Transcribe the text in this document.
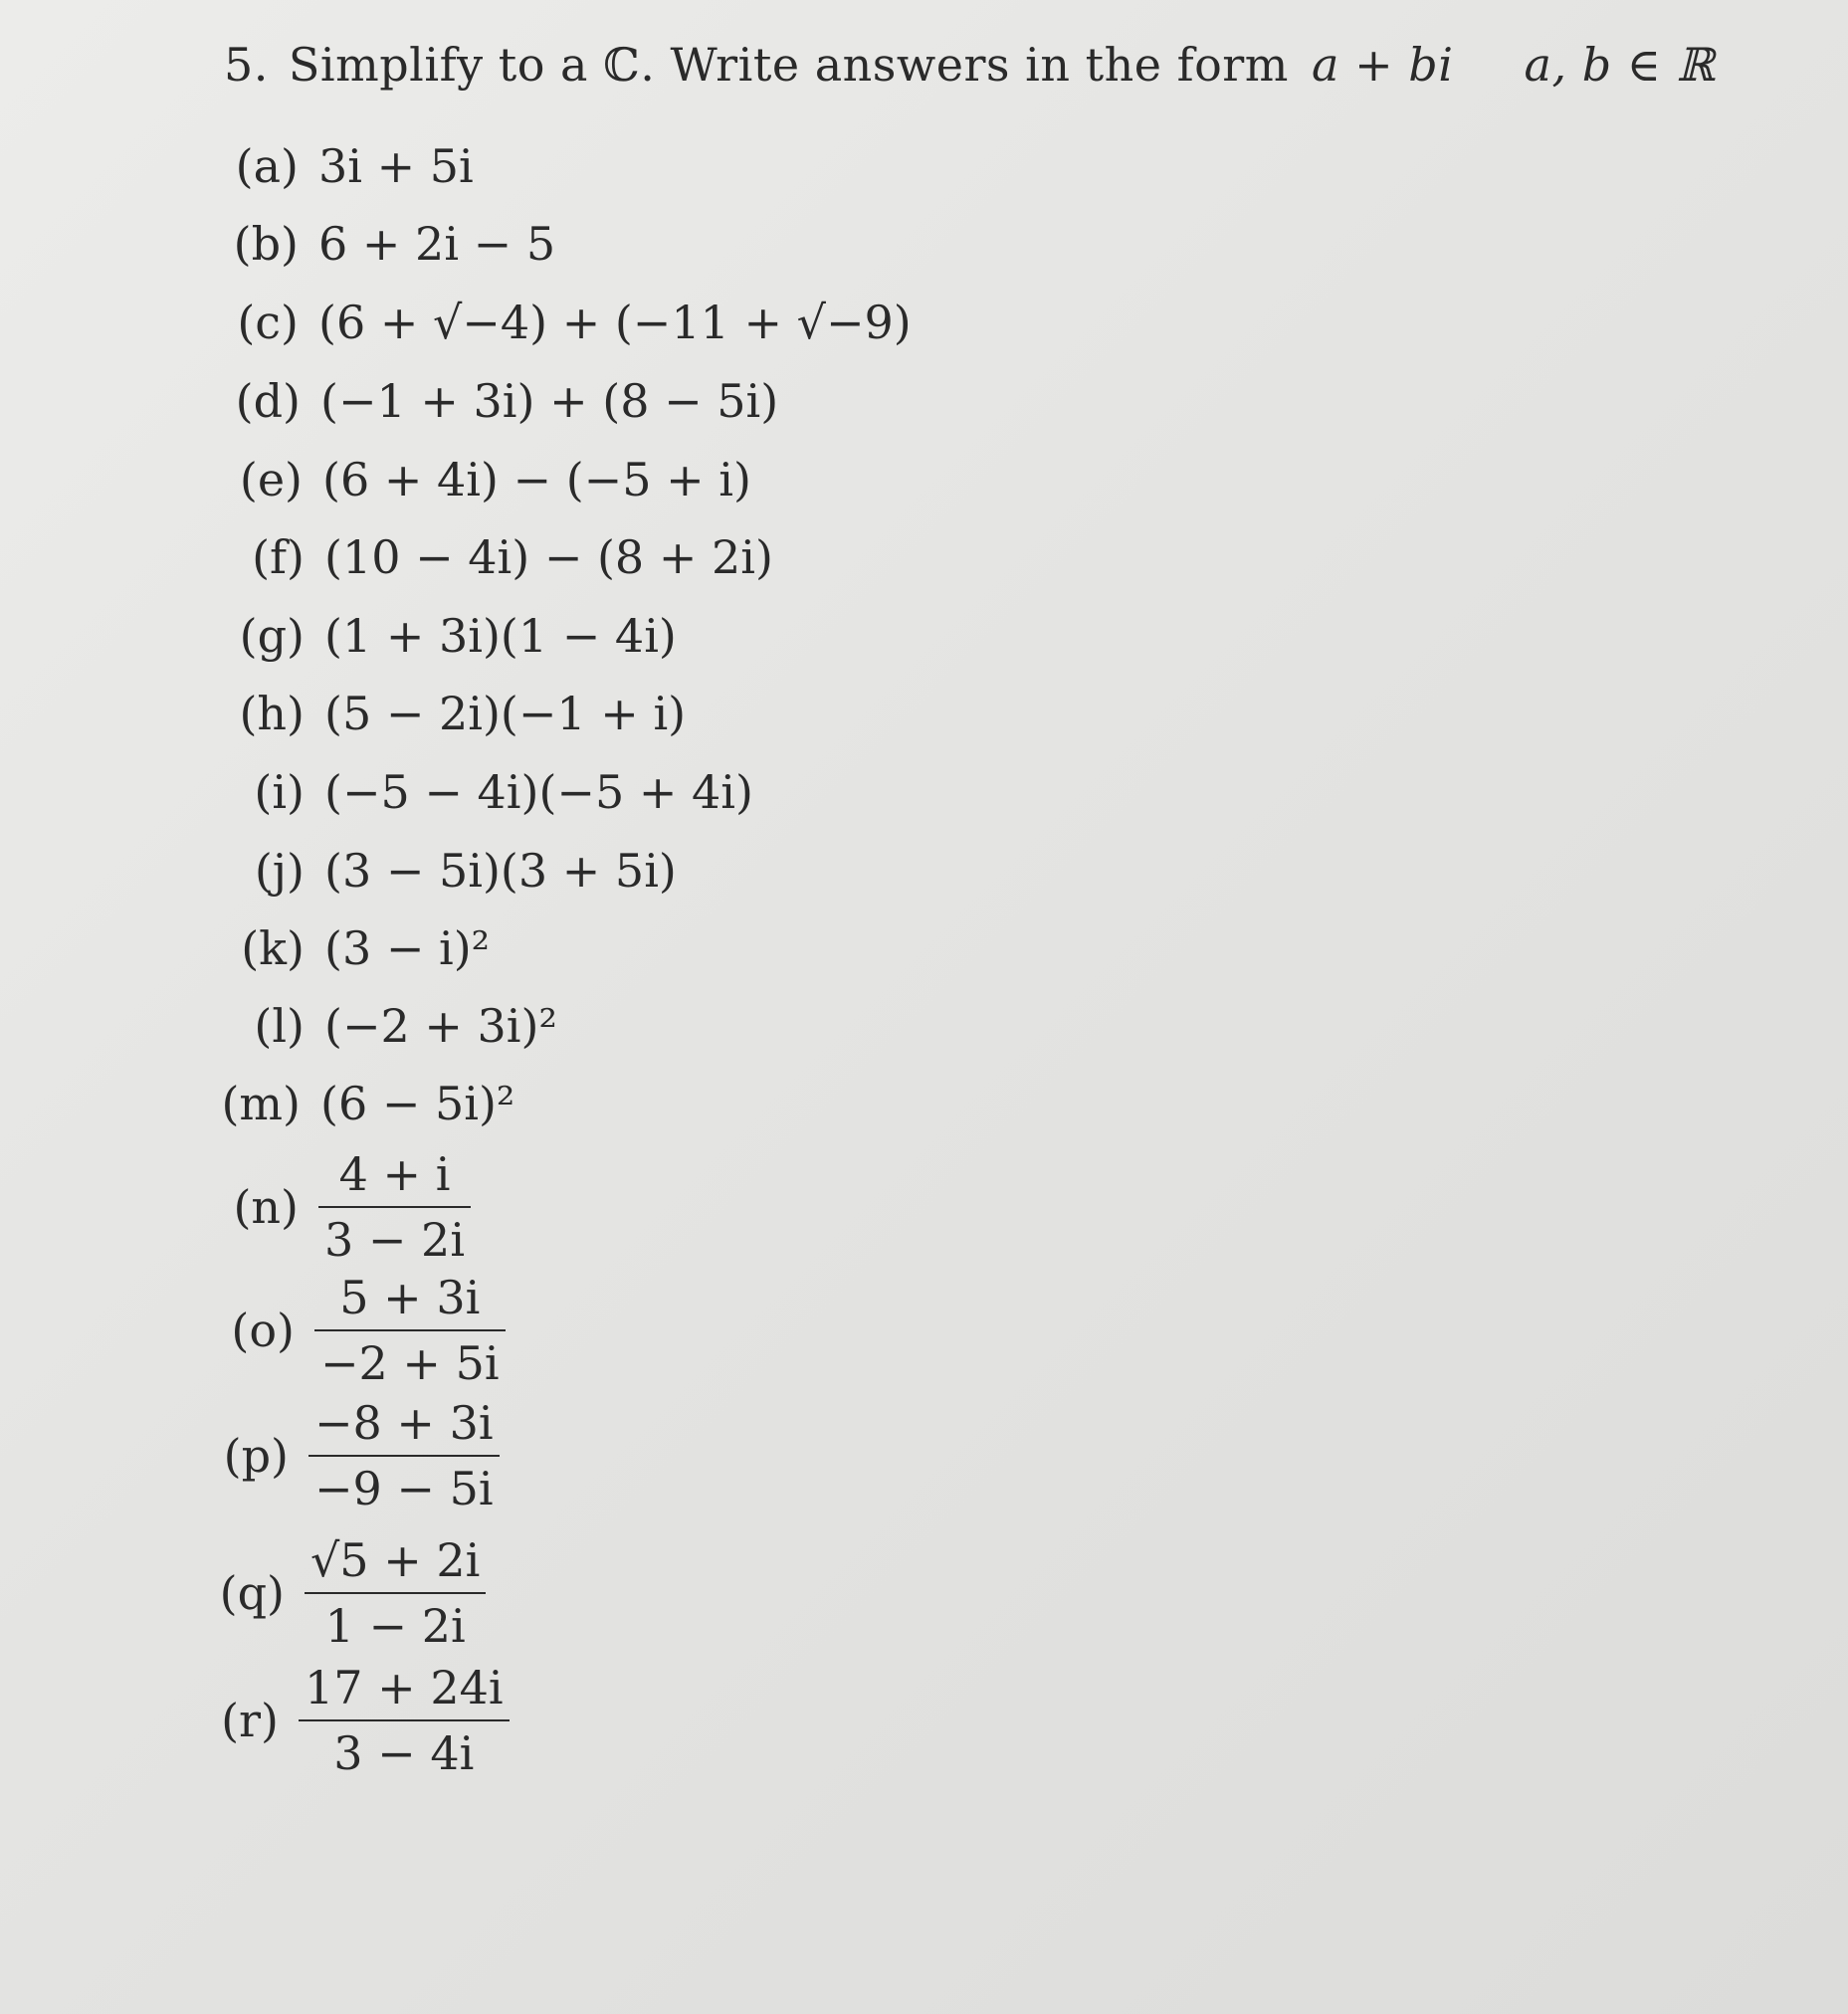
5. Simplify to a ℂ. Write answers in the form a + bi a, b ∈ ℝ
(a) 3i + 5i
(b) 6 + 2i − 5
(c) (6 + √−4) + (−11 + √−9)
(d) (−1 + 3i) + (8 − 5i)
(e) (6 + 4i) − (−5 + i)
(f) (10 − 4i) − (8 + 2i)
(g) (1 + 3i)(1 − 4i)
(h) (5 − 2i)(−1 + i)
(i) (−5 − 4i)(−5 + 4i)
(j) (3 − 5i)(3 + 5i)
(k) (3 − i)²
(l) (−2 + 3i)²
(m) (6 − 5i)²
$(n) \frac{4 + i}{3 - 2i}$
$(o) \frac{5 + 3i}{-2 + 5i}$
$(p) \frac{-8 + 3i}{-9 - 5i}$
$(q) \frac{√5 + 2i}{1 - 2i}$
$(r) \frac{17 + 24i}{3 - 4i}$
